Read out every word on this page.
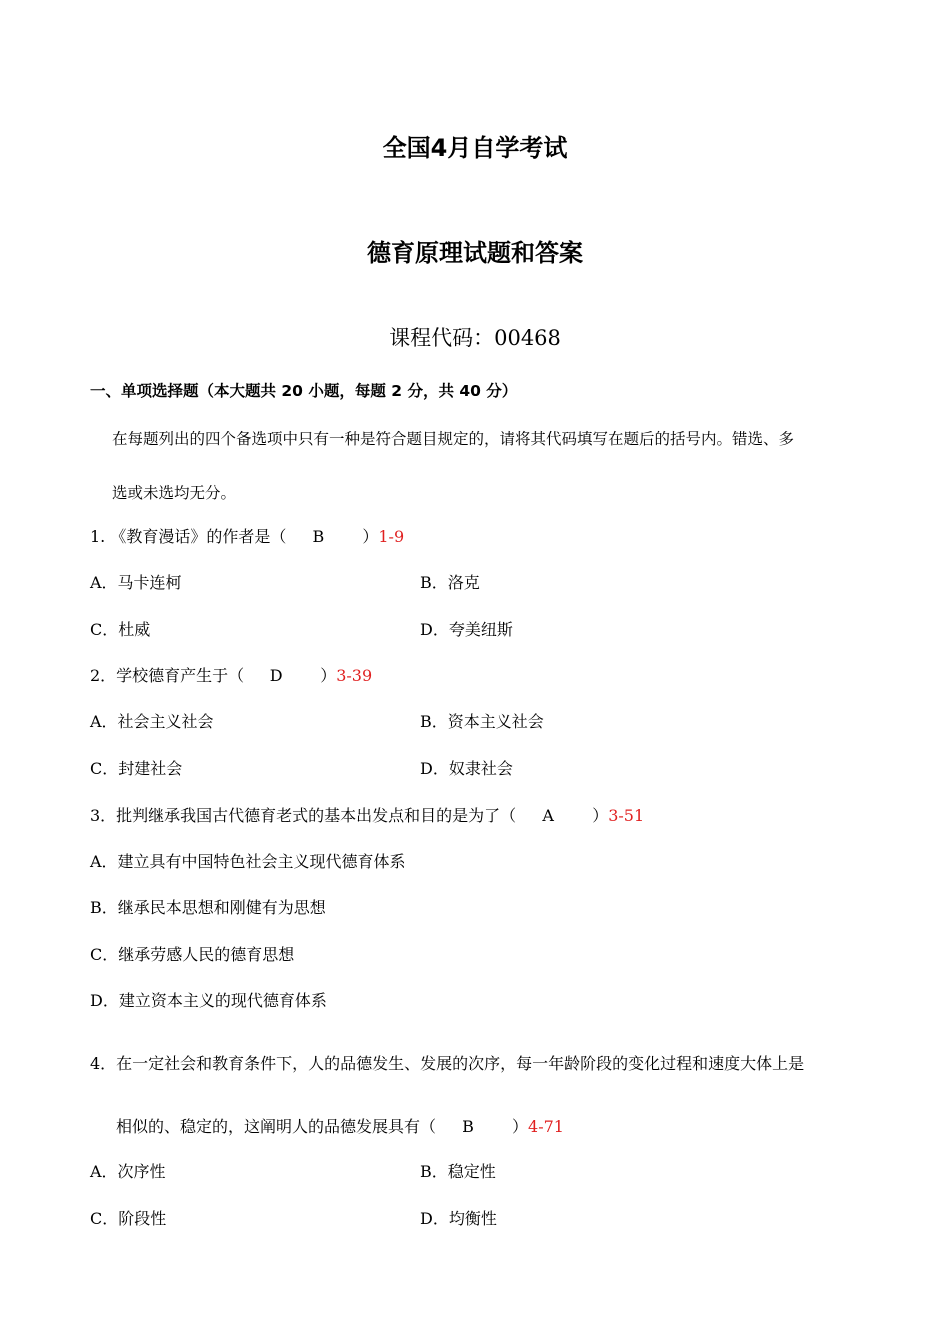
全国4月自学考试
德育原理试题和答案
课程代码：00468
一、单项选择题（本大题共 20 小题，每题 2 分，共 40 分）
在每题列出的四个备选项中只有一种是符合题目规定的，请将其代码填写在题后的括号内。错选、多
选或未选均无分。
1. 《教育漫话》的作者是（ B ）1-9
A．马卡连柯	B．洛克
C．杜威	D．夸美纽斯
2．学校德育产生于（ D ）3-39
A．社会主义社会	B．资本主义社会
C．封建社会	D．奴隶社会
3．批判继承我国古代德育老式的基本出发点和目的是为了（ A ）3-51
A．建立具有中国特色社会主义现代德育体系
B．继承民本思想和刚健有为思想
C．继承劳感人民的德育思想
D．建立资本主义的现代德育体系
4．在一定社会和教育条件下，人的品德发生、发展的次序，每一年龄阶段的变化过程和速度大体上是
相似的、稳定的，这阐明人的品德发展具有（ B ）4-71
A．次序性	B．稳定性
C．阶段性	D．均衡性
